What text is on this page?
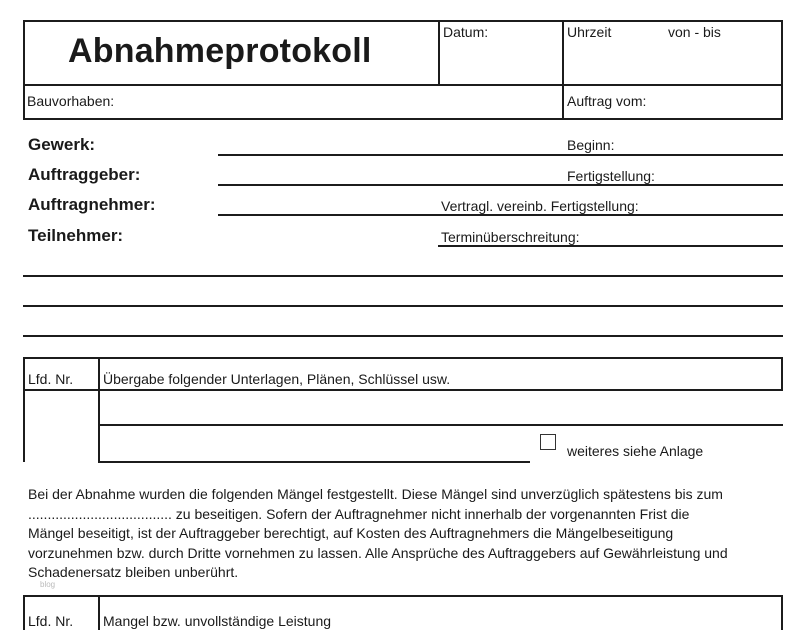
Abnahmeprotokoll	Datum:	Uhrzeit	von - bis
Bauvorhaben:	Auftrag vom:
Gewerk:
Auftraggeber:
Auftragnehmer:
Teilnehmer:
Beginn:
Fertigstellung:
Vertragl. vereinb. Fertigstellung:
Terminüberschreitung:
Lfd. Nr. Übergabe folgender Unterlagen, Plänen, Schlüssel usw.
weiteres siehe Anlage
Bei der Abnahme wurden die folgenden Mängel festgestellt. Diese Mängel sind unverzüglich spätestens bis zum
..................................... zu beseitigen. Sofern der Auftragnehmer nicht innerhalb der vorgenannten Frist die
Mängel beseitigt, ist der Auftraggeber berechtigt, auf Kosten des Auftragnehmers die Mängelbeseitigung
vorzunehmen bzw. durch Dritte vornehmen zu lassen. Alle Ansprüche des Auftraggebers auf Gewährleistung und
Schadenersatz bleiben unberührt.
blog
Lfd. Nr. Mangel bzw. unvollständige Leistung
